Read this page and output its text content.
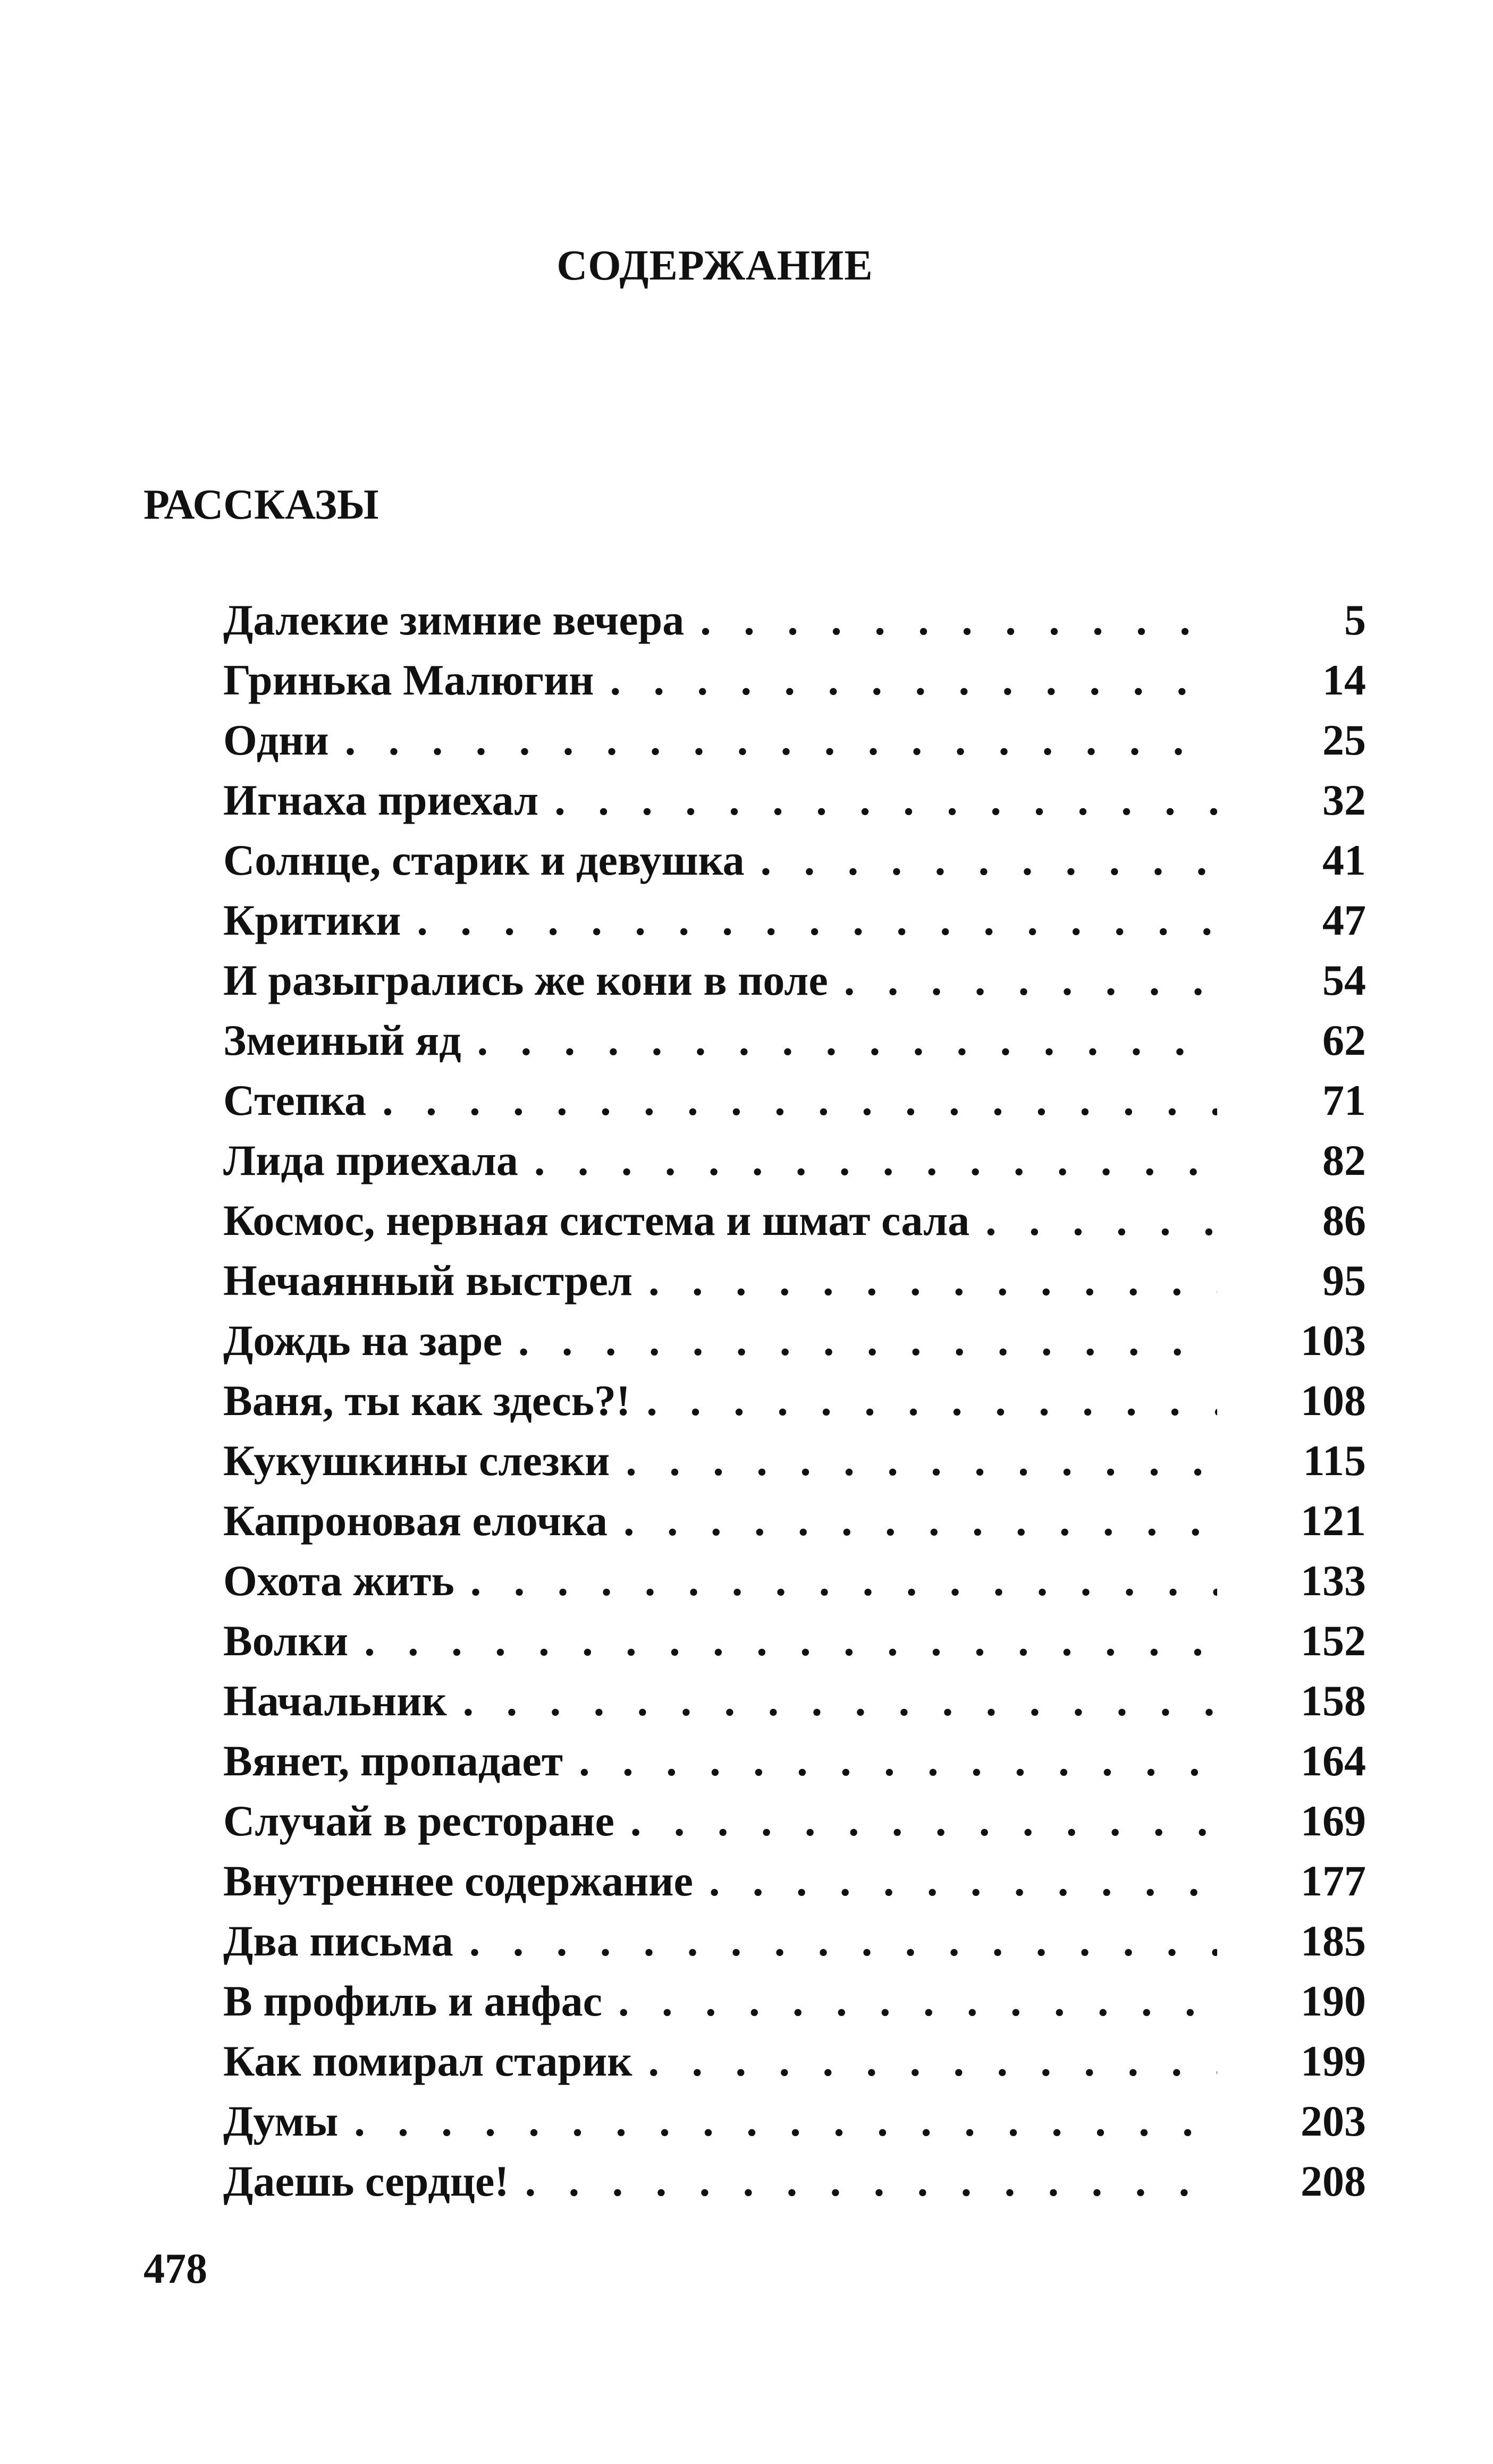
СОДЕРЖАНИЕ
РАССКАЗЫ
Далекие зимние вечера . .	5
Гринька Малюгин . .	14
Одни . .	25
Игнаха приехал . .	32
Солнце, старик и девушка . .	41
Критики . .	47
И разыгрались же кони в поле . .	54
Змеиный яд . .	62
Степка . .	71
Лида приехала . .	82
Космос, нервная система и шмат сала . .	86
Нечаянный выстрел . .	95
Дождь на заре . .	103
Ваня, ты как здесь?! . .	108
Кукушкины слезки . .	115
Капроновая елочка . .	121
Охота жить . .	133
Волки . .	152
Начальник . .	158
Вянет, пропадает . .	164
Случай в ресторане . .	169
Внутреннее содержание . .	177
Два письма . .	185
В профиль и анфас . .	190
Как помирал старик . .	199
Думы . .	203
Даешь сердце! . .	208
478
